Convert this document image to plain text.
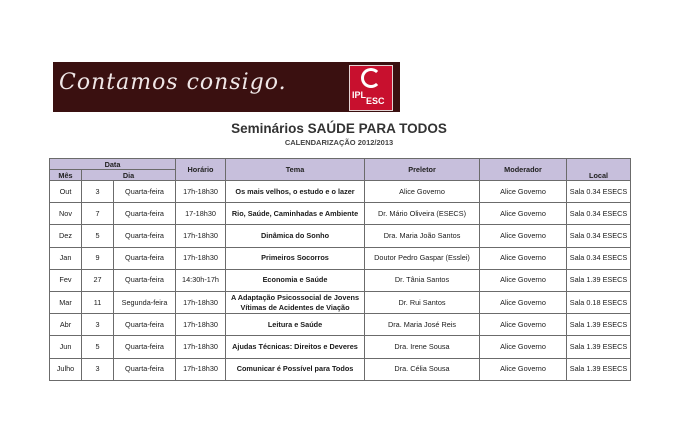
Contamos consigo.	IPL
ESC
Seminários SAÚDE PARA TODOS
CALENDARIZAÇÃO 2012/2013
Data			Horário	Tema	Preletor	Moderador	Local
Mês	Dia						
Out	3	Quarta-feira	17h-18h30	Os mais velhos, o estudo e o lazer	Alice Governo	Alice Governo	Sala 0.34 ESECS
Nov	7	Quarta-feira	17-18h30	Rio, Saúde, Caminhadas e Ambiente	Dr. Mário Oliveira (ESECS)	Alice Governo	Sala 0.34 ESECS
Dez	5	Quarta-feira	17h-18h30	Dinâmica do Sonho	Dra. Maria João Santos	Alice Governo	Sala 0.34 ESECS
Jan	9	Quarta-feira	17h-18h30	Primeiros Socorros	Doutor Pedro Gaspar (Esslei)	Alice Governo	Sala 0.34 ESECS
Fev	27	Quarta-feira	14:30h-17h	Economia e Saúde	Dr. Tânia Santos	Alice Governo	Sala 1.39 ESECS
Mar	11	Segunda-feira	17h-18h30	A Adaptação Psicossocial de Jovens Vítimas de Acidentes de Viação	Dr. Rui Santos	Alice Governo	Sala 0.18 ESECS
Abr	3	Quarta-feira	17h-18h30	Leitura e Saúde	Dra. Maria José Reis	Alice Governo	Sala 1.39 ESECS
Jun	5	Quarta-feira	17h-18h30	Ajudas Técnicas: Direitos e Deveres	Dra. Irene Sousa	Alice Governo	Sala 1.39 ESECS
Julho	3	Quarta-feira	17h-18h30	Comunicar é Possível para Todos	Dra. Célia Sousa	Alice Governo	Sala 1.39 ESECS
